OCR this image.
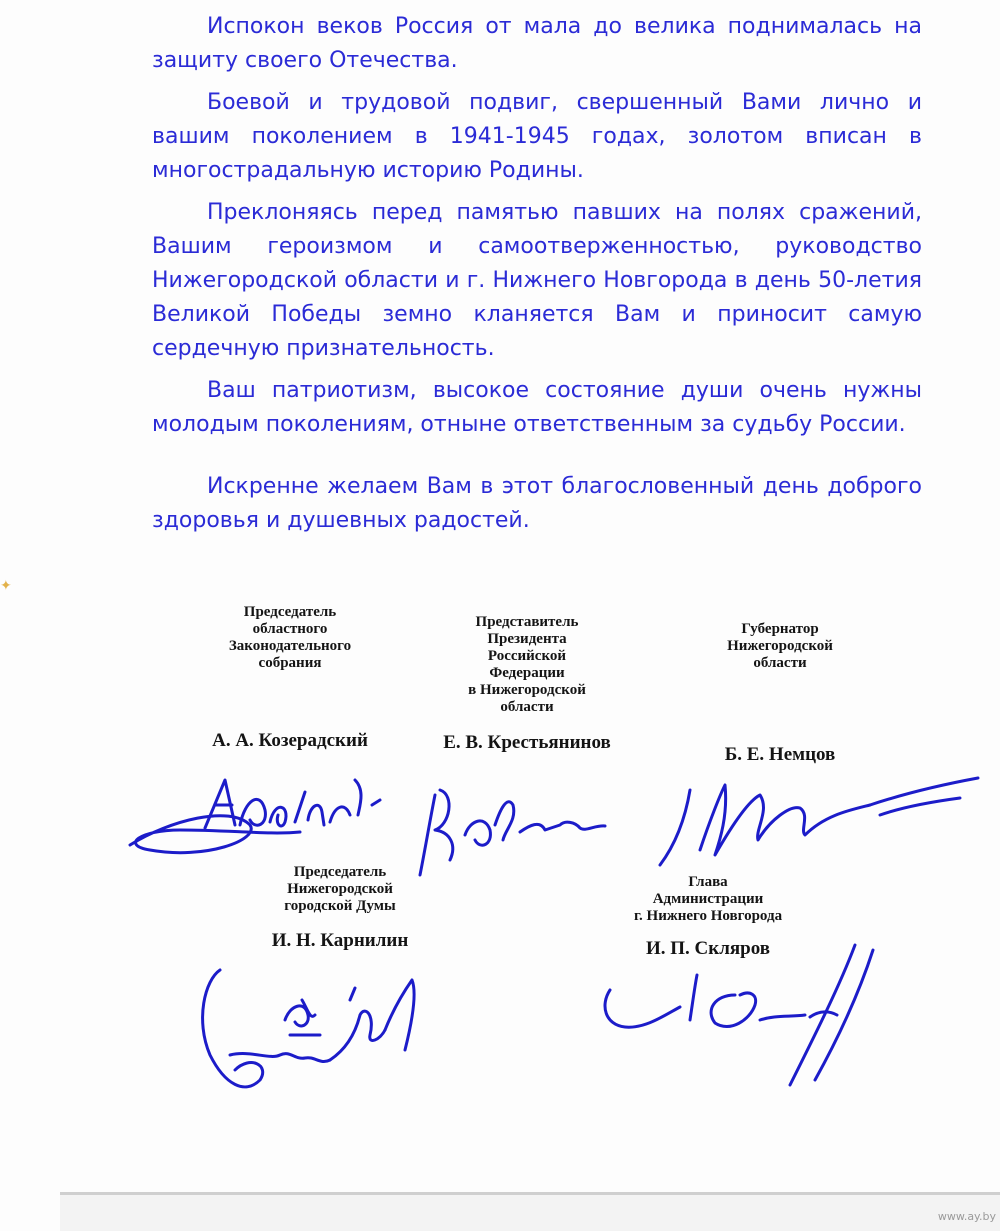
✦

Испокон веков Россия от мала до велика поднималась на защиту своего Отечества.

Боевой и трудовой подвиг, свершенный Вами лично и вашим поколением в 1941-1945 годах, золотом вписан в многострадальную историю Родины.

Преклоняясь перед памятью павших на полях сражений, Вашим героизмом и самоотверженностью, руководство Нижегородской области и г. Нижнего Новгорода в день 50-летия Великой Победы земно кланяется Вам и приносит самую сердечную признательность.

Ваш патриотизм, высокое состояние души очень нужны молодым поколениям, отныне ответственным за судьбу России.

Искренне желаем Вам в этот благословенный день доброго здоровья и душевных радостей.

Председатель
областного
Законодательного
собрания
А. А. Козерадский
Представитель
Президента
Российской
Федерации
в Нижегородской
области
Е. В. Крестьянинов
Губернатор
Нижегородской
области
Б. Е. Немцов
Председатель
Нижегородской
городской Думы
И. Н. Карнилин
Глава
Администрации
г. Нижнего Новгорода
И. П. Скляров
www.ay.by
